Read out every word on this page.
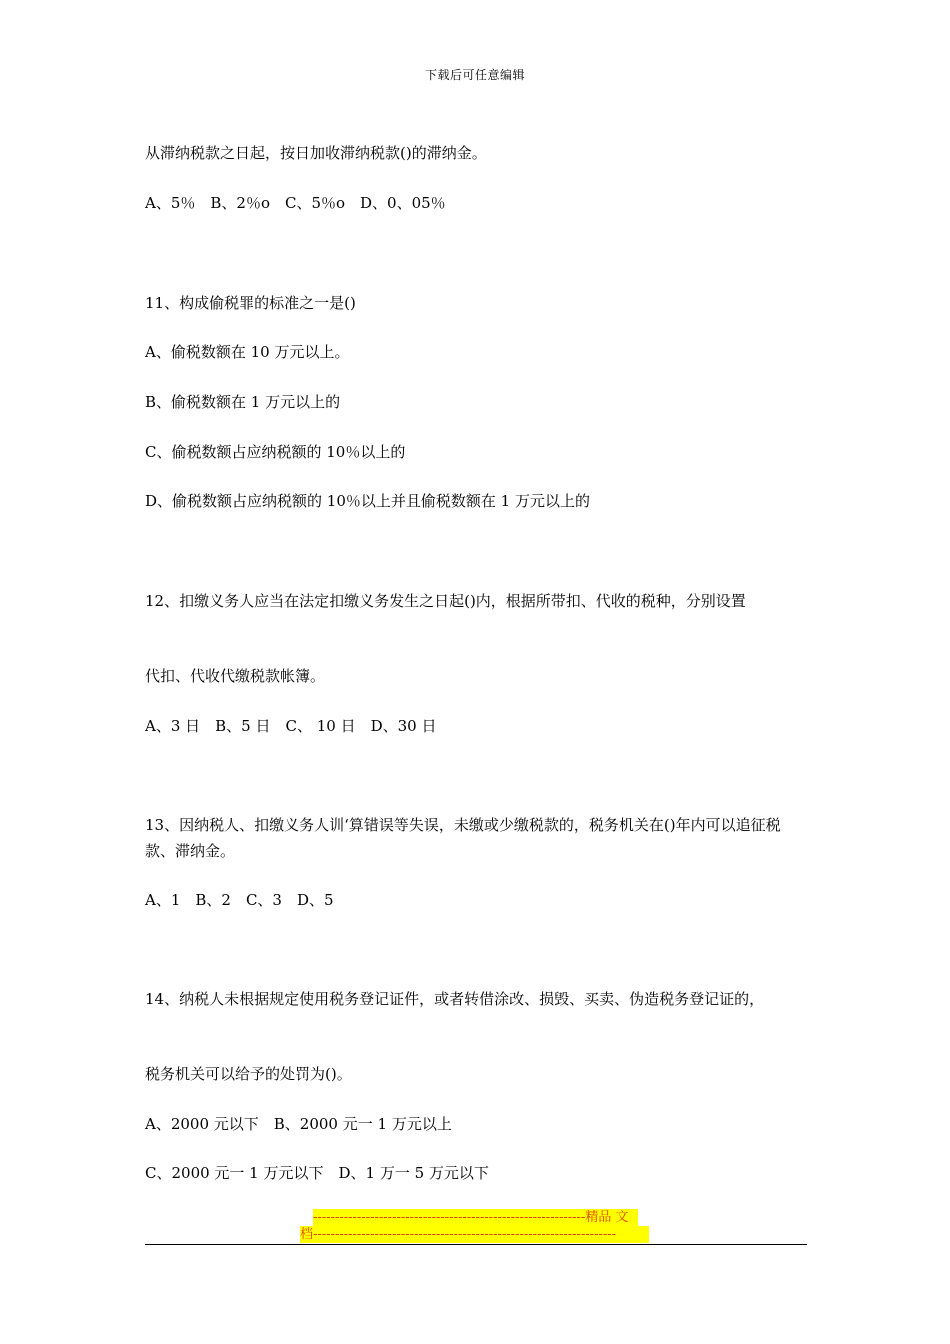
下载后可任意编辑
从滞纳税款之日起，按日加收滞纳税款()的滞纳金。
A、5％　B、2％o　C、5％o　D、0、05％
11、构成偷税罪的标准之一是()
A、偷税数额在 10 万元以上。
B、偷税数额在 1 万元以上的
C、偷税数额占应纳税额的 10％以上的
D、偷税数额占应纳税额的 10％以上并且偷税数额在 1 万元以上的
12、扣缴义务人应当在法定扣缴义务发生之日起()内，根据所带扣、代收的税种，分别设置
代扣、代收代缴税款帐簿。
A、3 日　B、5 日　C、 10 日　D、30 日
13、因纳税人、扣缴义务人训‘算错误等失误，未缴或少缴税款的，税务机关在()年内可以追征税款、滞纳金。
A、1　B、2　C、3　D、5
14、纳税人未根据规定使用税务登记证件，或者转借涂改、损毁、买卖、伪造税务登记证的，
税务机关可以给予的处罚为()。
A、2000 元以下　B、2000 元一 1 万元以上
C、2000 元一 1 万元以下　D、1 万一 5 万元以下
--------------------------------------------------------------精品 文
档---------------------------------------------------------------------
